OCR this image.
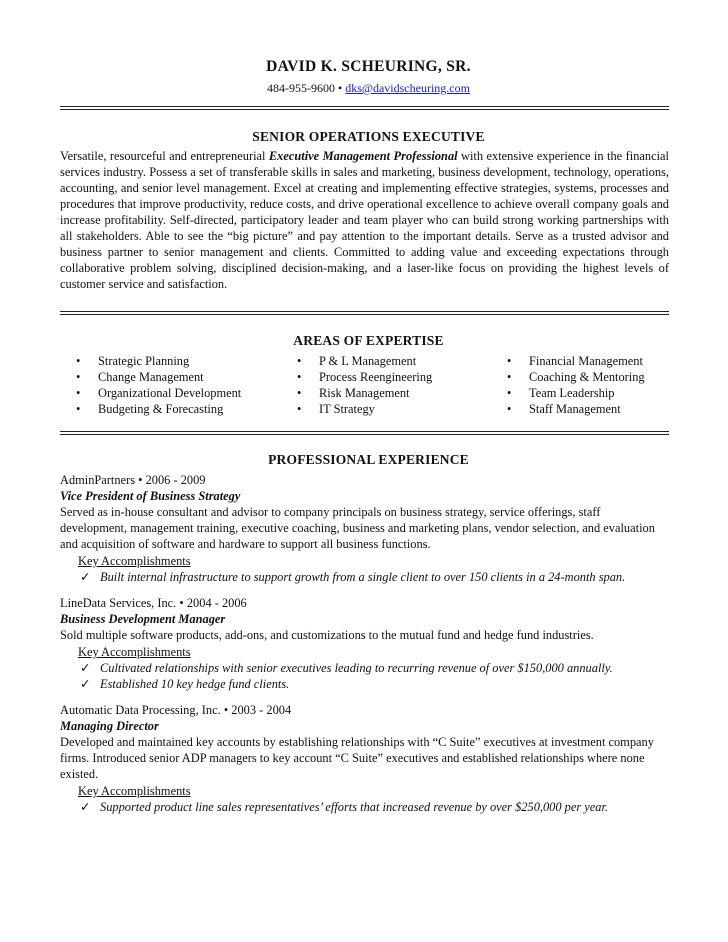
DAVID K. SCHEURING, SR.
484-955-9600 • dks@davidscheuring.com
SENIOR OPERATIONS EXECUTIVE
Versatile, resourceful and entrepreneurial Executive Management Professional with extensive experience in the financial services industry. Possess a set of transferable skills in sales and marketing, business development, technology, operations, accounting, and senior level management. Excel at creating and implementing effective strategies, systems, processes and procedures that improve productivity, reduce costs, and drive operational excellence to achieve overall company goals and increase profitability. Self-directed, participatory leader and team player who can build strong working partnerships with all stakeholders. Able to see the “big picture” and pay attention to the important details. Serve as a trusted advisor and business partner to senior management and clients. Committed to adding value and exceeding expectations through collaborative problem solving, disciplined decision-making, and a laser-like focus on providing the highest levels of customer service and satisfaction.
AREAS OF EXPERTISE
• Strategic Planning
• Change Management
• Organizational Development
• Budgeting & Forecasting
• P & L Management
• Process Reengineering
• Risk Management
• IT Strategy
• Financial Management
• Coaching & Mentoring
• Team Leadership
• Staff Management
PROFESSIONAL EXPERIENCE
AdminPartners • 2006 - 2009
Vice President of Business Strategy
Served as in-house consultant and advisor to company principals on business strategy, service offerings, staff development, management training, executive coaching, business and marketing plans, vendor selection, and evaluation and acquisition of software and hardware to support all business functions.
Key Accomplishments
✓ Built internal infrastructure to support growth from a single client to over 150 clients in a 24-month span.
LineData Services, Inc. • 2004 - 2006
Business Development Manager
Sold multiple software products, add-ons, and customizations to the mutual fund and hedge fund industries.
Key Accomplishments
✓ Cultivated relationships with senior executives leading to recurring revenue of over $150,000 annually.
✓ Established 10 key hedge fund clients.
Automatic Data Processing, Inc. • 2003 - 2004
Managing Director
Developed and maintained key accounts by establishing relationships with “C Suite” executives at investment company firms. Introduced senior ADP managers to key account “C Suite” executives and established relationships where none existed.
Key Accomplishments
✓ Supported product line sales representatives’ efforts that increased revenue by over $250,000 per year.
